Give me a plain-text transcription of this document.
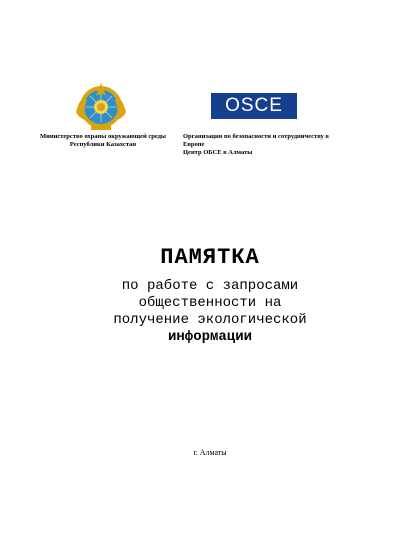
Министерство охраны окружающей среды Республики Казахстан
OSCE
Организация по безопасности и сотрудничеству в
Европе
Центр ОБСЕ в Алматы
ПАМЯТКА
по работе с запросами
общественности на
получение экологической
информации
г. Алматы
